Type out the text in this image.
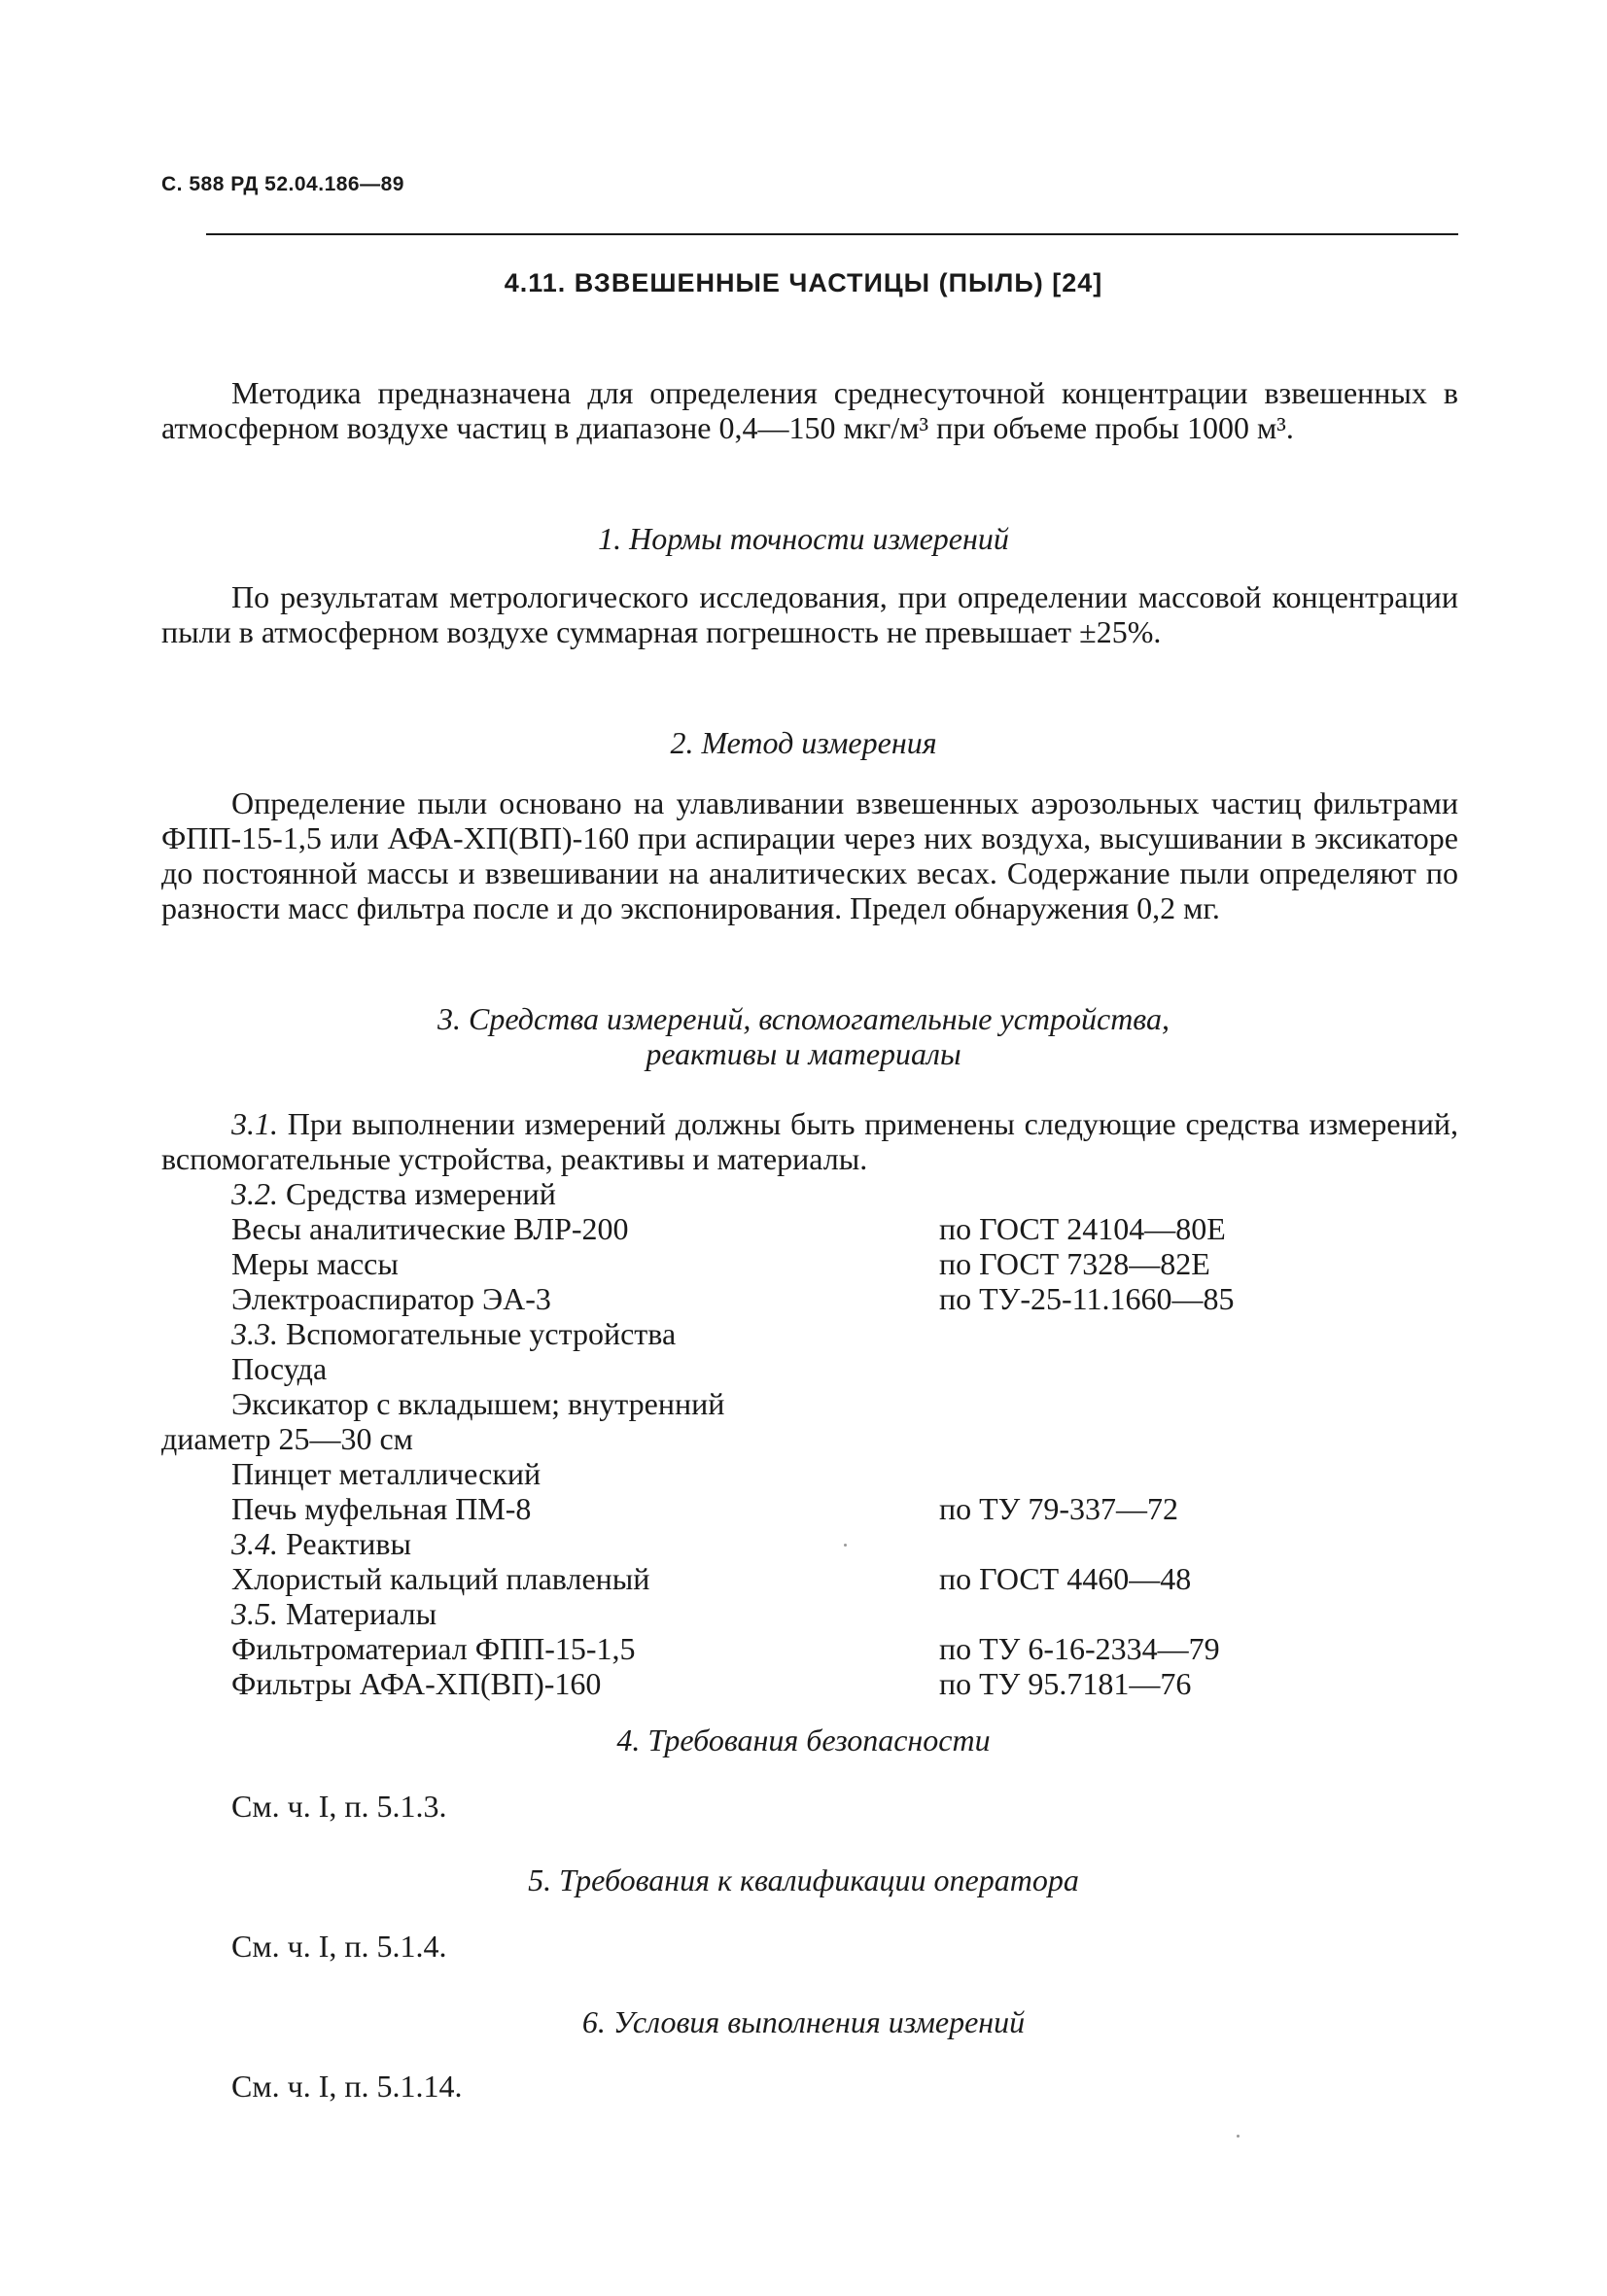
С. 588 РД 52.04.186—89
4.11. ВЗВЕШЕННЫЕ ЧАСТИЦЫ (ПЫЛЬ) [24]
Методика предназначена для определения среднесуточной концентрации взвешенных в атмосферном воздухе частиц в диапазоне 0,4—150 мкг/м³ при объеме пробы 1000 м³.
1. Нормы точности измерений
По результатам метрологического исследования, при определении массовой концентрации пыли в атмосферном воздухе суммарная погрешность не превышает ±25%.
2. Метод измерения
Определение пыли основано на улавливании взвешенных аэрозольных частиц фильтрами ФПП-15-1,5 или АФА-ХП(ВП)-160 при аспирации через них воздуха, высушивании в эксикаторе до постоянной массы и взвешивании на аналитических весах. Содержание пыли определяют по разности масс фильтра после и до экспонирования. Предел обнаружения 0,2 мг.
3. Средства измерений, вспомогательные устройства,
реактивы и материалы
3.1. При выполнении измерений должны быть применены следующие средства измерений, вспомогательные устройства, реактивы и материалы.
3.2. Средства измерений
Весы аналитические ВЛР-200	по ГОСТ 24104—80Е
Меры массы	по ГОСТ 7328—82Е
Электроаспиратор ЭА-3	по ТУ-25-11.1660—85
3.3. Вспомогательные устройства
Посуда
Эксикатор с вкладышем; внутренний
диаметр 25—30 см
Пинцет металлический
Печь муфельная ПМ-8	по ТУ 79-337—72
3.4. Реактивы
Хлористый кальций плавленый	по ГОСТ 4460—48
3.5. Материалы
Фильтроматериал ФПП-15-1,5	по ТУ 6-16-2334—79
Фильтры АФА-ХП(ВП)-160	по ТУ 95.7181—76
4. Требования безопасности
См. ч. I, п. 5.1.3.
5. Требования к квалификации оператора
См. ч. I, п. 5.1.4.
6. Условия выполнения измерений
См. ч. I, п. 5.1.14.
